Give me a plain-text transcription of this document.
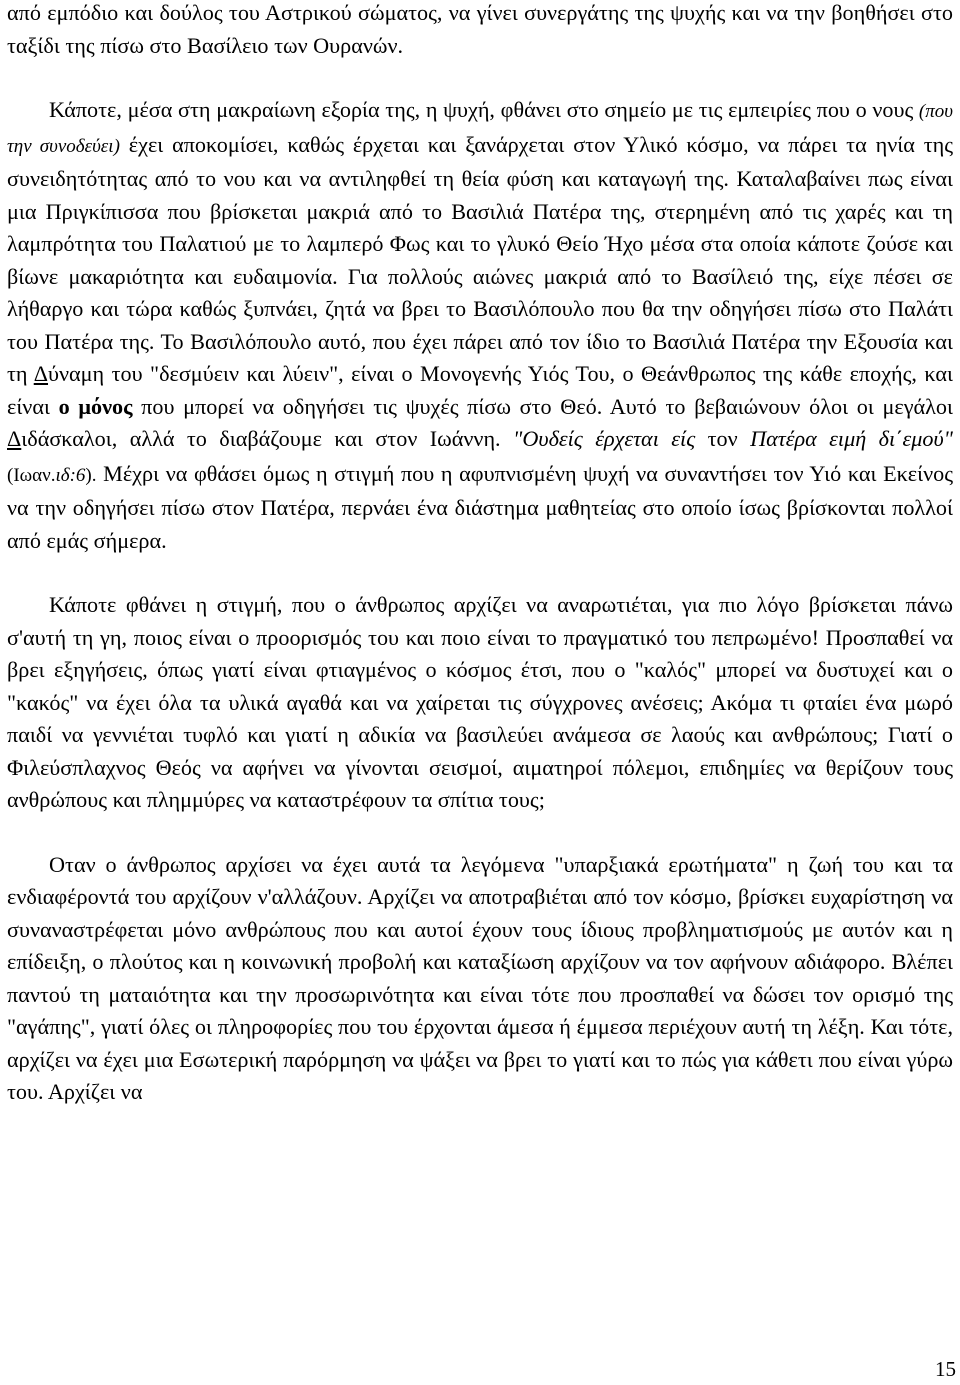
από εμπόδιο και δούλος του Αστρικού σώματος, να γίνει συνεργάτης της ψυχής και να την βοηθήσει στο ταξίδι της πίσω στο Βασίλειο των Ουρανών.

Κάποτε, μέσα στη μακραίωνη εξορία της, η ψυχή, φθάνει στο σημείο με τις εμπειρίες που ο νους (που την συνοδεύει) έχει αποκομίσει, καθώς έρχεται και ξανάρχεται στον Υλικό κόσμο, να πάρει τα ηνία της συνειδητότητας από το νου και να αντιληφθεί τη θεία φύση και καταγωγή της. Καταλαβαίνει πως είναι μια Πριγκίπισσα που βρίσκεται μακριά από το Βασιλιά Πατέρα της, στερημένη από τις χαρές και τη λαμπρότητα του Παλατιού με το λαμπερό Φως και το γλυκό Θείο Ήχο μέσα στα οποία κάποτε ζούσε και βίωνε μακαριότητα και ευδαιμονία. Για πολλούς αιώνες μακριά από το Βασίλειό της, είχε πέσει σε λήθαργο και τώρα καθώς ξυπνάει, ζητά να βρει το Βασιλόπουλο που θα την οδηγήσει πίσω στο Παλάτι του Πατέρα της. Το Βασιλόπουλο αυτό, που έχει πάρει από τον ίδιο το Βασιλιά Πατέρα την Εξουσία και τη Δύναμη του "δεσμύειν και λύειν", είναι ο Μονογενής Υιός Του, ο Θεάνθρωπος της κάθε εποχής, και είναι ο μόνος που μπορεί να οδηγήσει τις ψυχές πίσω στο Θεό. Αυτό το βεβαιώνουν όλοι οι μεγάλοι Διδάσκαλοι, αλλά το διαβάζουμε και στον Ιωάννη. "Ουδείς έρχεται είς τον Πατέρα ειμή δι΄εμού" (Ιωαν.ιδ:6). Μέχρι να φθάσει όμως η στιγμή που η αφυπνισμένη ψυχή να συναντήσει τον Υιό και Εκείνος να την οδηγήσει πίσω στον Πατέρα, περνάει ένα διάστημα μαθητείας στο οποίο ίσως βρίσκονται πολλοί από εμάς σήμερα.

Κάποτε φθάνει η στιγμή, που ο άνθρωπος αρχίζει να αναρωτιέται, για πιο λόγο βρίσκεται πάνω σ'αυτή τη γη, ποιος είναι ο προορισμός του και ποιο είναι το πραγματικό του πεπρωμένο! Προσπαθεί να βρει εξηγήσεις, όπως γιατί είναι φτιαγμένος ο κόσμος έτσι, που ο "καλός" μπορεί να δυστυχεί και ο "κακός" να έχει όλα τα υλικά αγαθά και να χαίρεται τις σύγχρονες ανέσεις; Ακόμα τι φταίει ένα μωρό παιδί να γεννιέται τυφλό και γιατί η αδικία να βασιλεύει ανάμεσα σε λαούς και ανθρώπους; Γιατί ο Φιλεύσπλαχνος Θεός να αφήνει να γίνονται σεισμοί, αιματηροί πόλεμοι, επιδημίες να θερίζουν τους ανθρώπους και πλημμύρες να καταστρέφουν τα σπίτια τους;

Οταν ο άνθρωπος αρχίσει να έχει αυτά τα λεγόμενα "υπαρξιακά ερωτήματα" η ζωή του και τα ενδιαφέροντά του αρχίζουν ν'αλλάζουν. Αρχίζει να αποτραβιέται από τον κόσμο, βρίσκει ευχαρίστηση να συναναστρέφεται μόνο ανθρώπους που και αυτοί έχουν τους ίδιους προβληματισμούς με αυτόν και η επίδειξη, ο πλούτος και η κοινωνική προβολή και καταξίωση αρχίζουν να τον αφήνουν αδιάφορο. Βλέπει παντού τη ματαιότητα και την προσωρινότητα και είναι τότε που προσπαθεί να δώσει τον ορισμό της "αγάπης", γιατί όλες οι πληροφορίες που του έρχονται άμεσα ή έμμεσα περιέχουν αυτή τη λέξη. Και τότε, αρχίζει να έχει μια Εσωτερική παρόρμηση να ψάξει να βρει το γιατί και το πώς για κάθετι που είναι γύρω του. Αρχίζει να

15
